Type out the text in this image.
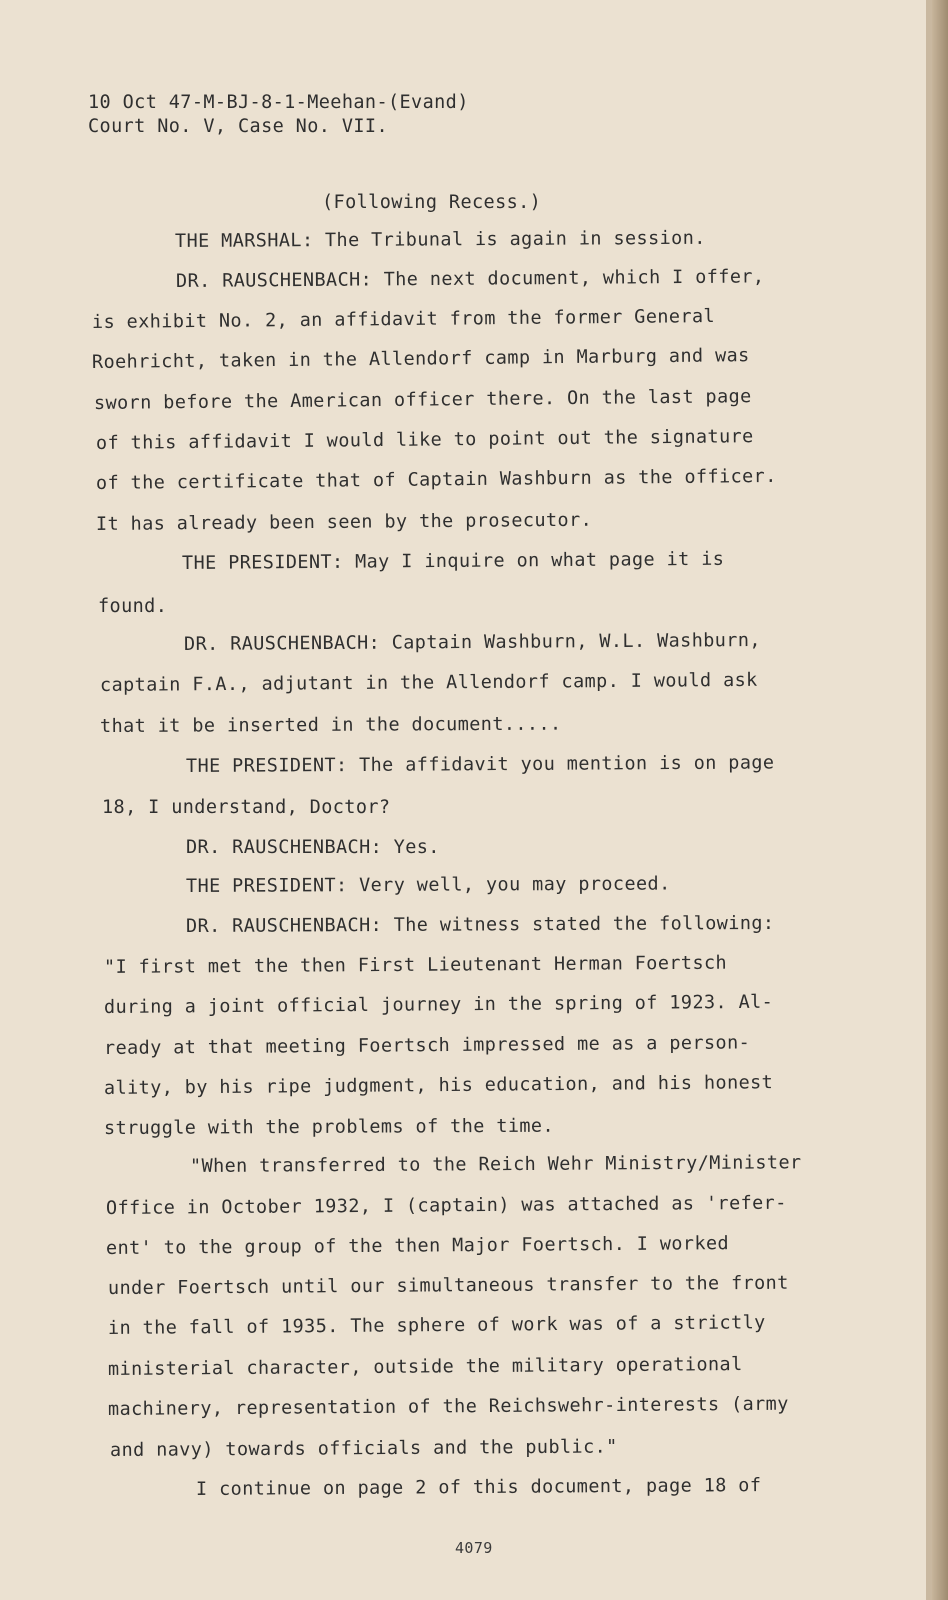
10 Oct 47-M-BJ-8-1-Meehan-(Evand)
Court No. V, Case No. VII.
(Following Recess.)
THE MARSHAL: The Tribunal is again in session.
DR. RAUSCHENBACH: The next document, which I offer,
is exhibit No. 2, an affidavit from the former General
Roehricht, taken in the Allendorf camp in Marburg and was
sworn before the American officer there. On the last page
of this affidavit I would like to point out the signature
of the certificate that of Captain Washburn as the officer.
It has already been seen by the prosecutor.
THE PRESIDENT: May I inquire on what page it is
found.
DR. RAUSCHENBACH: Captain Washburn, W.L. Washburn,
captain F.A., adjutant in the Allendorf camp. I would ask
that it be inserted in the document.....
THE PRESIDENT: The affidavit you mention is on page
18, I understand, Doctor?
DR. RAUSCHENBACH: Yes.
THE PRESIDENT: Very well, you may proceed.
DR. RAUSCHENBACH: The witness stated the following:
"I first met the then First Lieutenant Herman Foertsch
during a joint official journey in the spring of 1923. Al-
ready at that meeting Foertsch impressed me as a person-
ality, by his ripe judgment, his education, and his honest
struggle with the problems of the time.
"When transferred to the Reich Wehr Ministry/Minister
Office in October 1932, I (captain) was attached as 'refer-
ent' to the group of the then Major Foertsch. I worked
under Foertsch until our simultaneous transfer to the front
in the fall of 1935. The sphere of work was of a strictly
ministerial character, outside the military operational
machinery, representation of the Reichswehr-interests (army
and navy) towards officials and the public."
I continue on page 2 of this document, page 18 of
4079
